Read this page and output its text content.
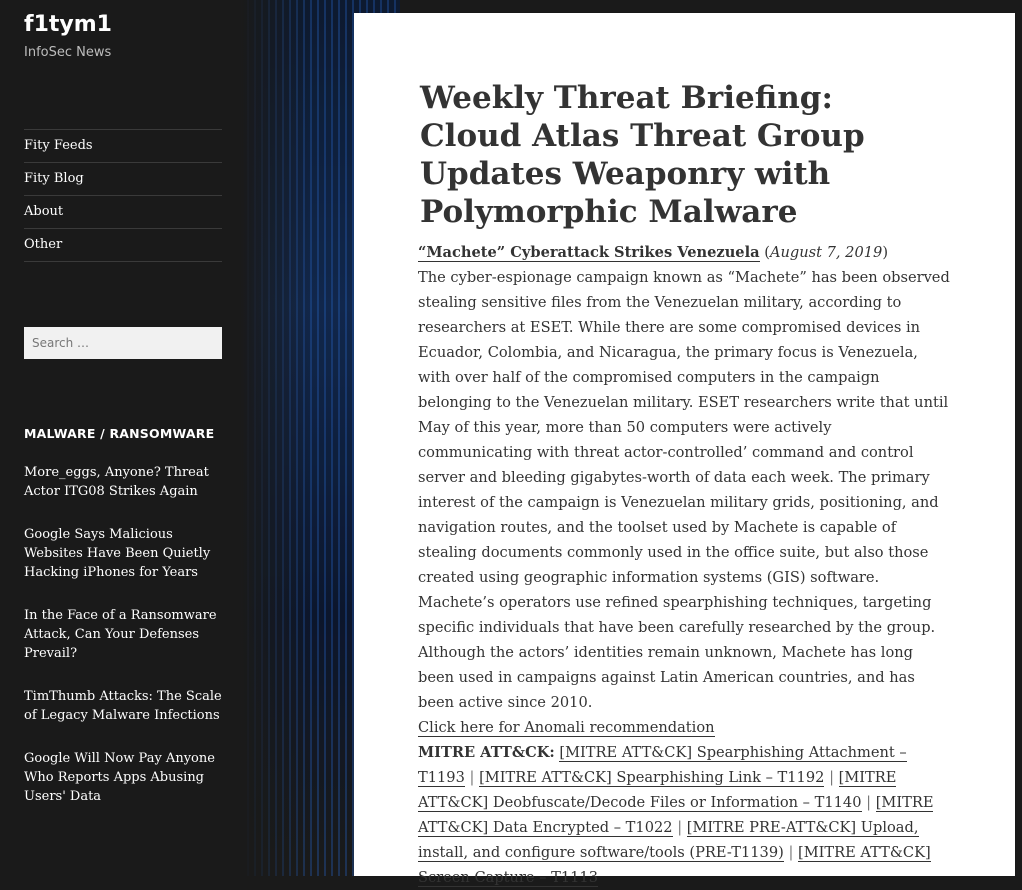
f1tym1
InfoSec News
Fity Feeds
Fity Blog
About
Other
Search …
MALWARE / RANSOMWARE
More_eggs, Anyone? Threat Actor ITG08 Strikes Again
Google Says Malicious Websites Have Been Quietly Hacking iPhones for Years
In the Face of a Ransomware Attack, Can Your Defenses Prevail?
TimThumb Attacks: The Scale of Legacy Malware Infections
Google Will Now Pay Anyone Who Reports Apps Abusing Users' Data
Weekly Threat Briefing: Cloud Atlas Threat Group Updates Weaponry with Polymorphic Malware

“Machete” Cyberattack Strikes Venezuela (August 7, 2019)

The cyber-espionage campaign known as “Machete” has been observed stealing sensitive files from the Venezuelan military, according to researchers at ESET. While there are some compromised devices in Ecuador, Colombia, and Nicaragua, the primary focus is Venezuela, with over half of the compromised computers in the campaign belonging to the Venezuelan military. ESET researchers write that until May of this year, more than 50 computers were actively communicating with threat actor-controlled’ command and control server and bleeding gigabytes-worth of data each week. The primary interest of the campaign is Venezuelan military grids, positioning, and navigation routes, and the toolset used by Machete is capable of stealing documents commonly used in the office suite, but also those created using geographic information systems (GIS) software. Machete’s operators use refined spearphishing techniques, targeting specific individuals that have been carefully researched by the group. Although the actors’ identities remain unknown, Machete has long been used in campaigns against Latin American countries, and has been active since 2010.

Click here for Anomali recommendation

MITRE ATT&CK: [MITRE ATT&CK] Spearphishing Attachment – T1193 | [MITRE ATT&CK] Spearphishing Link – T1192 | [MITRE ATT&CK] Deobfuscate/Decode Files or Information – T1140 | [MITRE ATT&CK] Data Encrypted – T1022 | [MITRE PRE-ATT&CK] Upload, install, and configure software/tools (PRE-T1139) | [MITRE ATT&CK] Screen Capture – T1113
